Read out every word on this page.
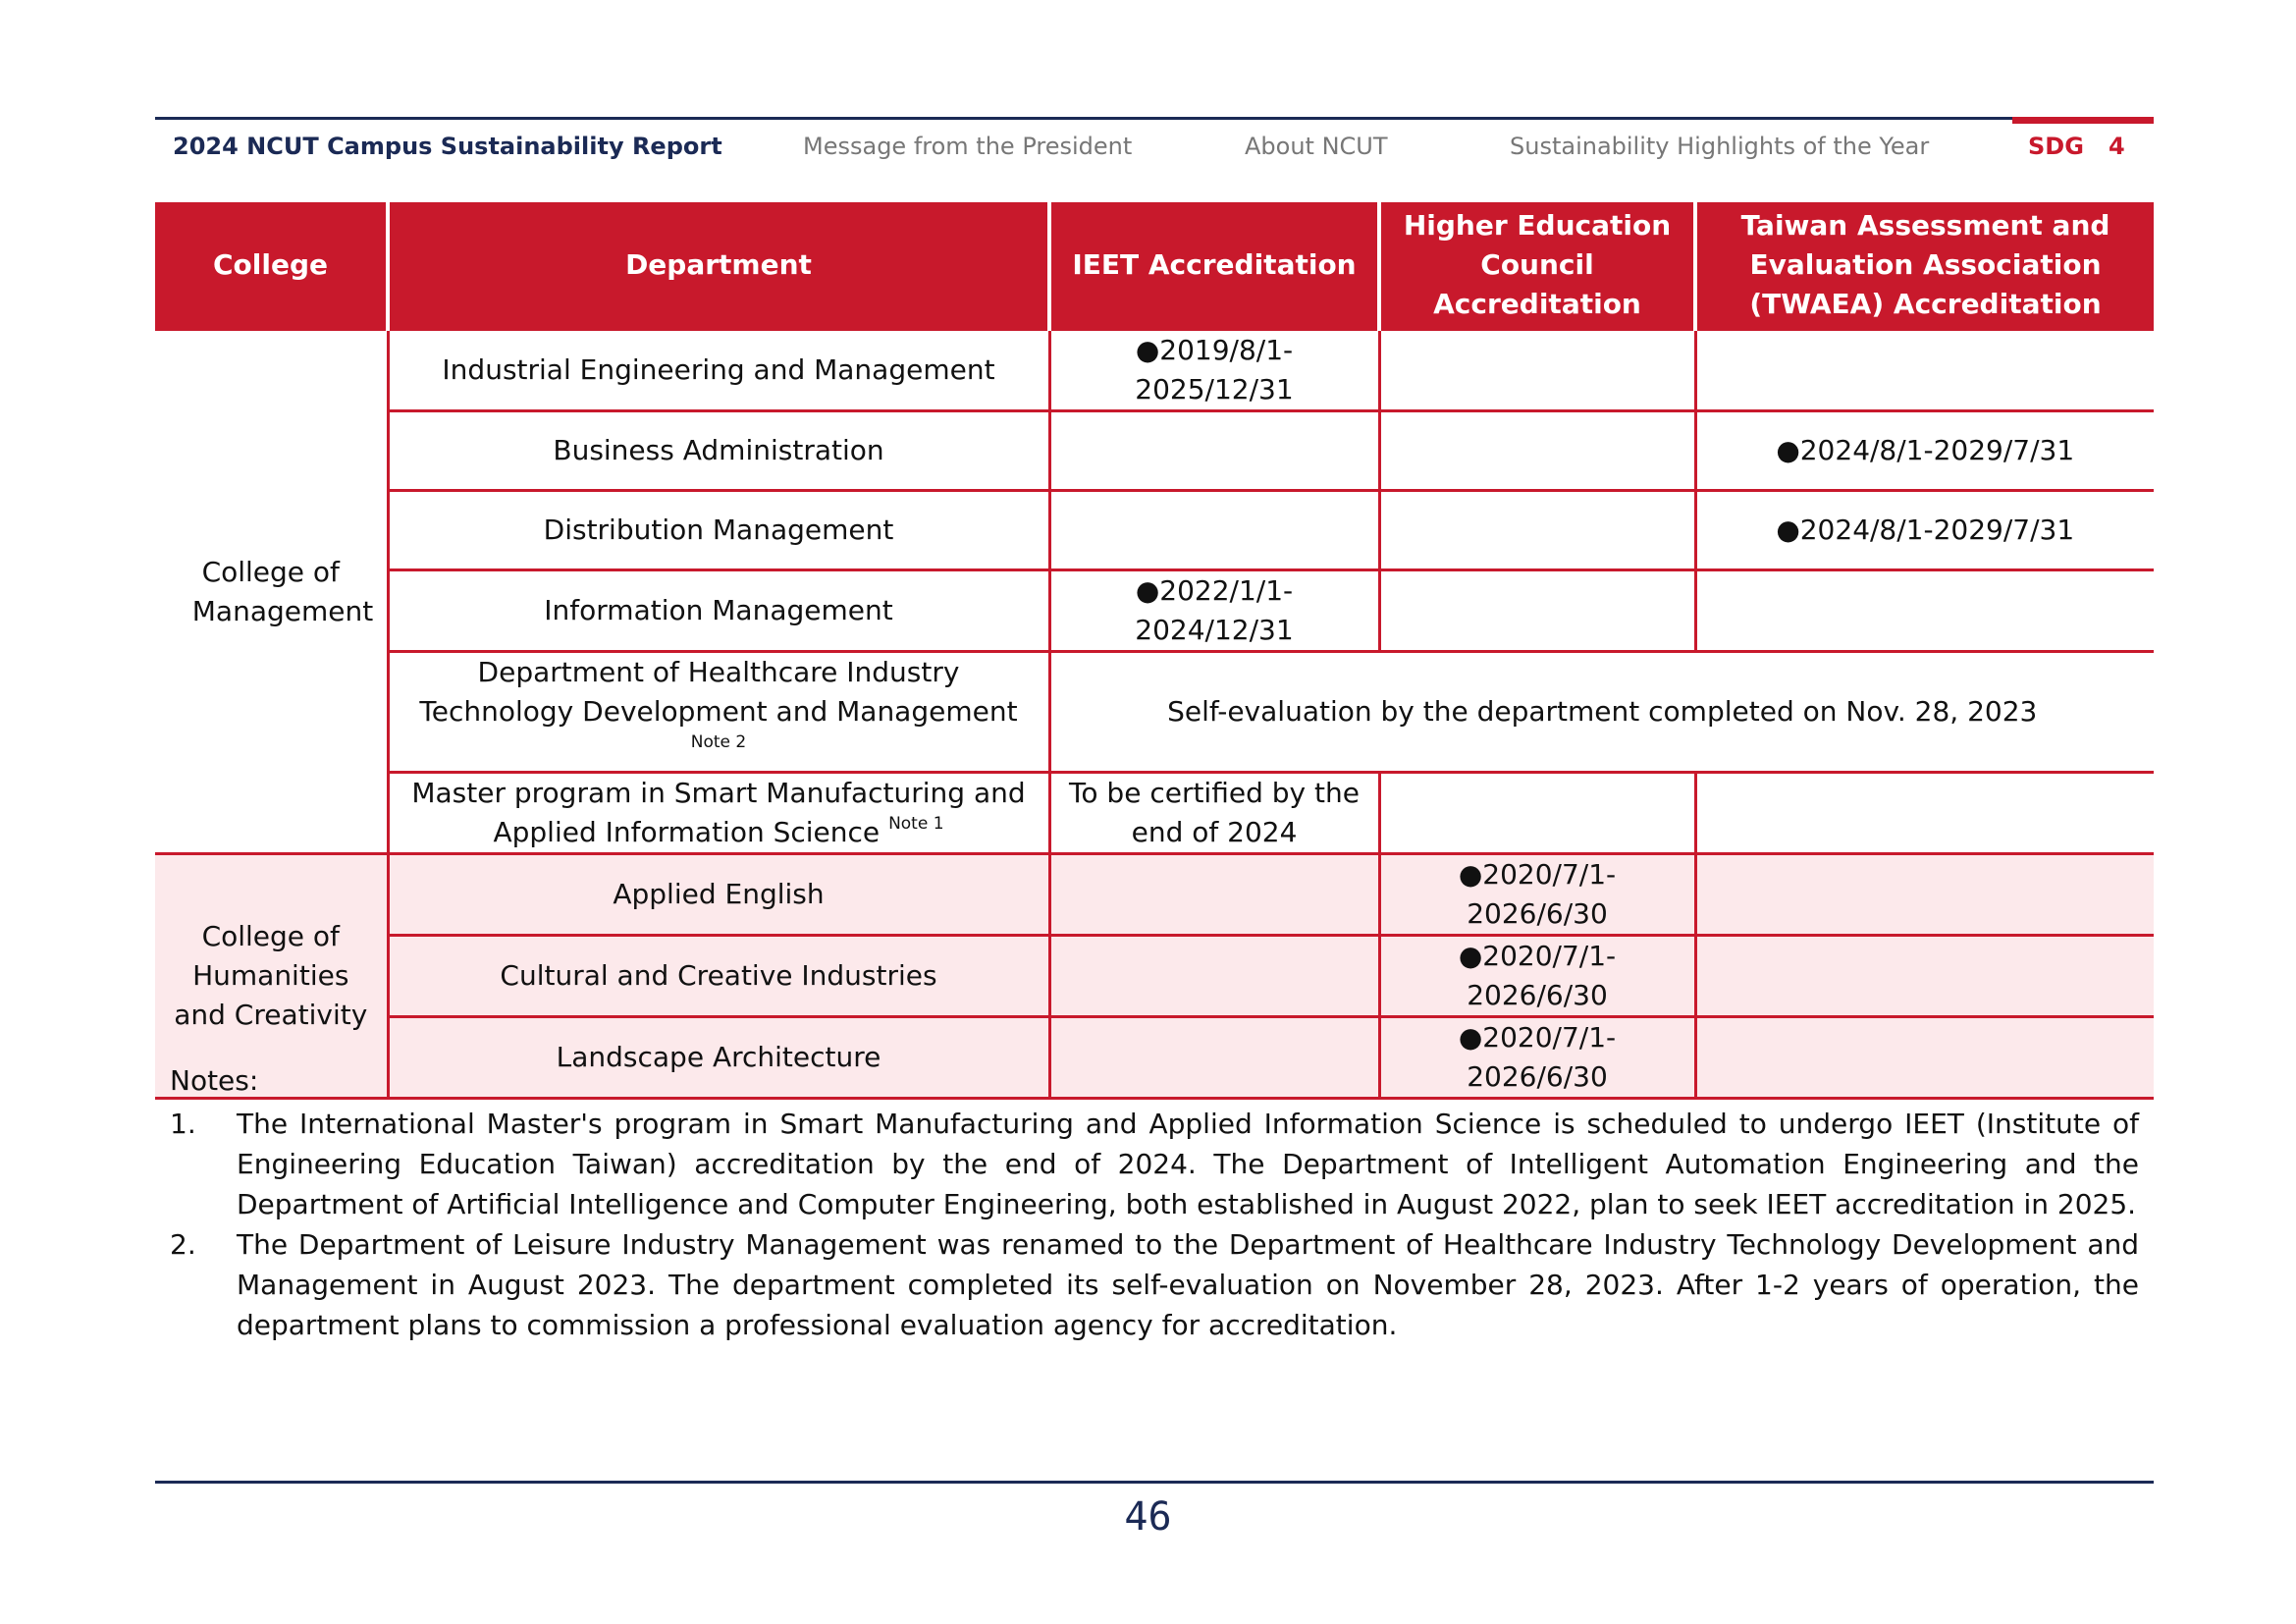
2024 NCUT Campus Sustainability Report	Message from the President	About NCUT	Sustainability Highlights of the Year	SDG 4
College	Department	IEET Accreditation	Higher Education Council Accreditation	Taiwan Assessment and Evaluation Association (TWAEA) Accreditation

College of Management	Industrial Engineering and Management	●2019/8/1-2025/12/31		

	Business Administration			●2024/8/1-2029/7/31
	Distribution Management			●2024/8/1-2029/7/31
	Information Management	●2022/1/1-2024/12/31		

	Department of Healthcare Industry Technology Development and Management $^{Note 2}$	Self-evaluation by the department completed on Nov. 28, 2023		
	Master program in Smart Manufacturing and Applied Information Science $^{Note 1}$	To be certified by the end of 2024		

College of Humanities and Creativity	Applied English		●2020/7/1-2026/6/30	

	Cultural and Creative Industries		●2020/7/1-2026/6/30	

	Landscape Architecture		●2020/7/1-2026/6/30	

Notes:
1.	The International Master's program in Smart Manufacturing and Applied Information Science is scheduled to undergo IEET (Institute of Engineering Education Taiwan) accreditation by the end of 2024. The Department of Intelligent Automation Engineering and the Department of Artificial Intelligence and Computer Engineering, both established in August 2022, plan to seek IEET accreditation in 2025.
2.	The Department of Leisure Industry Management was renamed to the Department of Healthcare Industry Technology Development and Management in August 2023. The department completed its self-evaluation on November 28, 2023. After 1-2 years of operation, the department plans to commission a professional evaluation agency for accreditation.
46
